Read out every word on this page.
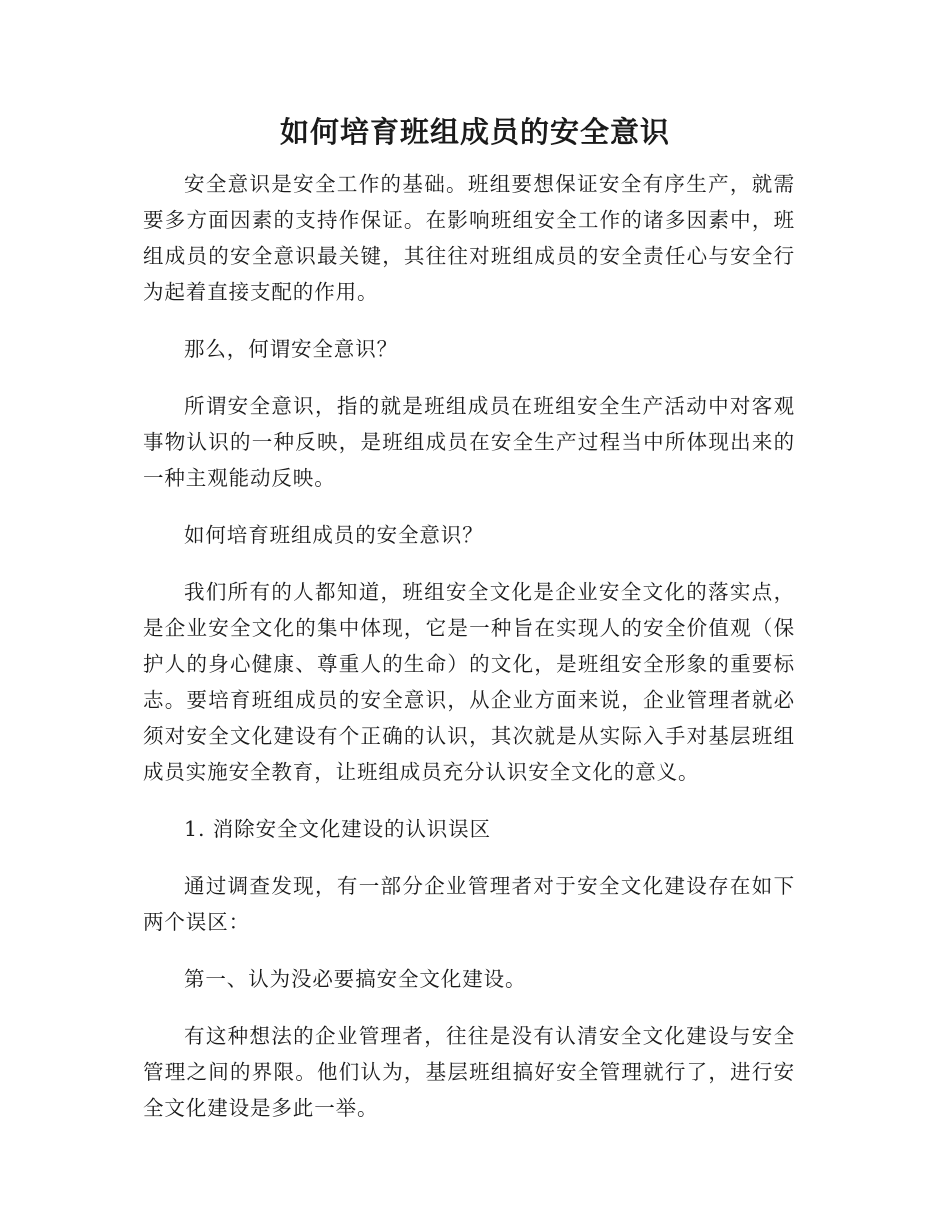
如何培育班组成员的安全意识

安全意识是安全工作的基础。班组要想保证安全有序生产，就需要多方面因素的支持作保证。在影响班组安全工作的诸多因素中，班组成员的安全意识最关键，其往往对班组成员的安全责任心与安全行为起着直接支配的作用。

那么，何谓安全意识？

所谓安全意识，指的就是班组成员在班组安全生产活动中对客观事物认识的一种反映，是班组成员在安全生产过程当中所体现出来的一种主观能动反映。

如何培育班组成员的安全意识？

我们所有的人都知道，班组安全文化是企业安全文化的落实点，是企业安全文化的集中体现，它是一种旨在实现人的安全价值观（保护人的身心健康、尊重人的生命）的文化，是班组安全形象的重要标志。要培育班组成员的安全意识，从企业方面来说，企业管理者就必须对安全文化建设有个正确的认识，其次就是从实际入手对基层班组成员实施安全教育，让班组成员充分认识安全文化的意义。

1. 消除安全文化建设的认识误区

通过调查发现，有一部分企业管理者对于安全文化建设存在如下两个误区：

第一、认为没必要搞安全文化建设。

有这种想法的企业管理者，往往是没有认清安全文化建设与安全管理之间的界限。他们认为，基层班组搞好安全管理就行了，进行安全文化建设是多此一举。
